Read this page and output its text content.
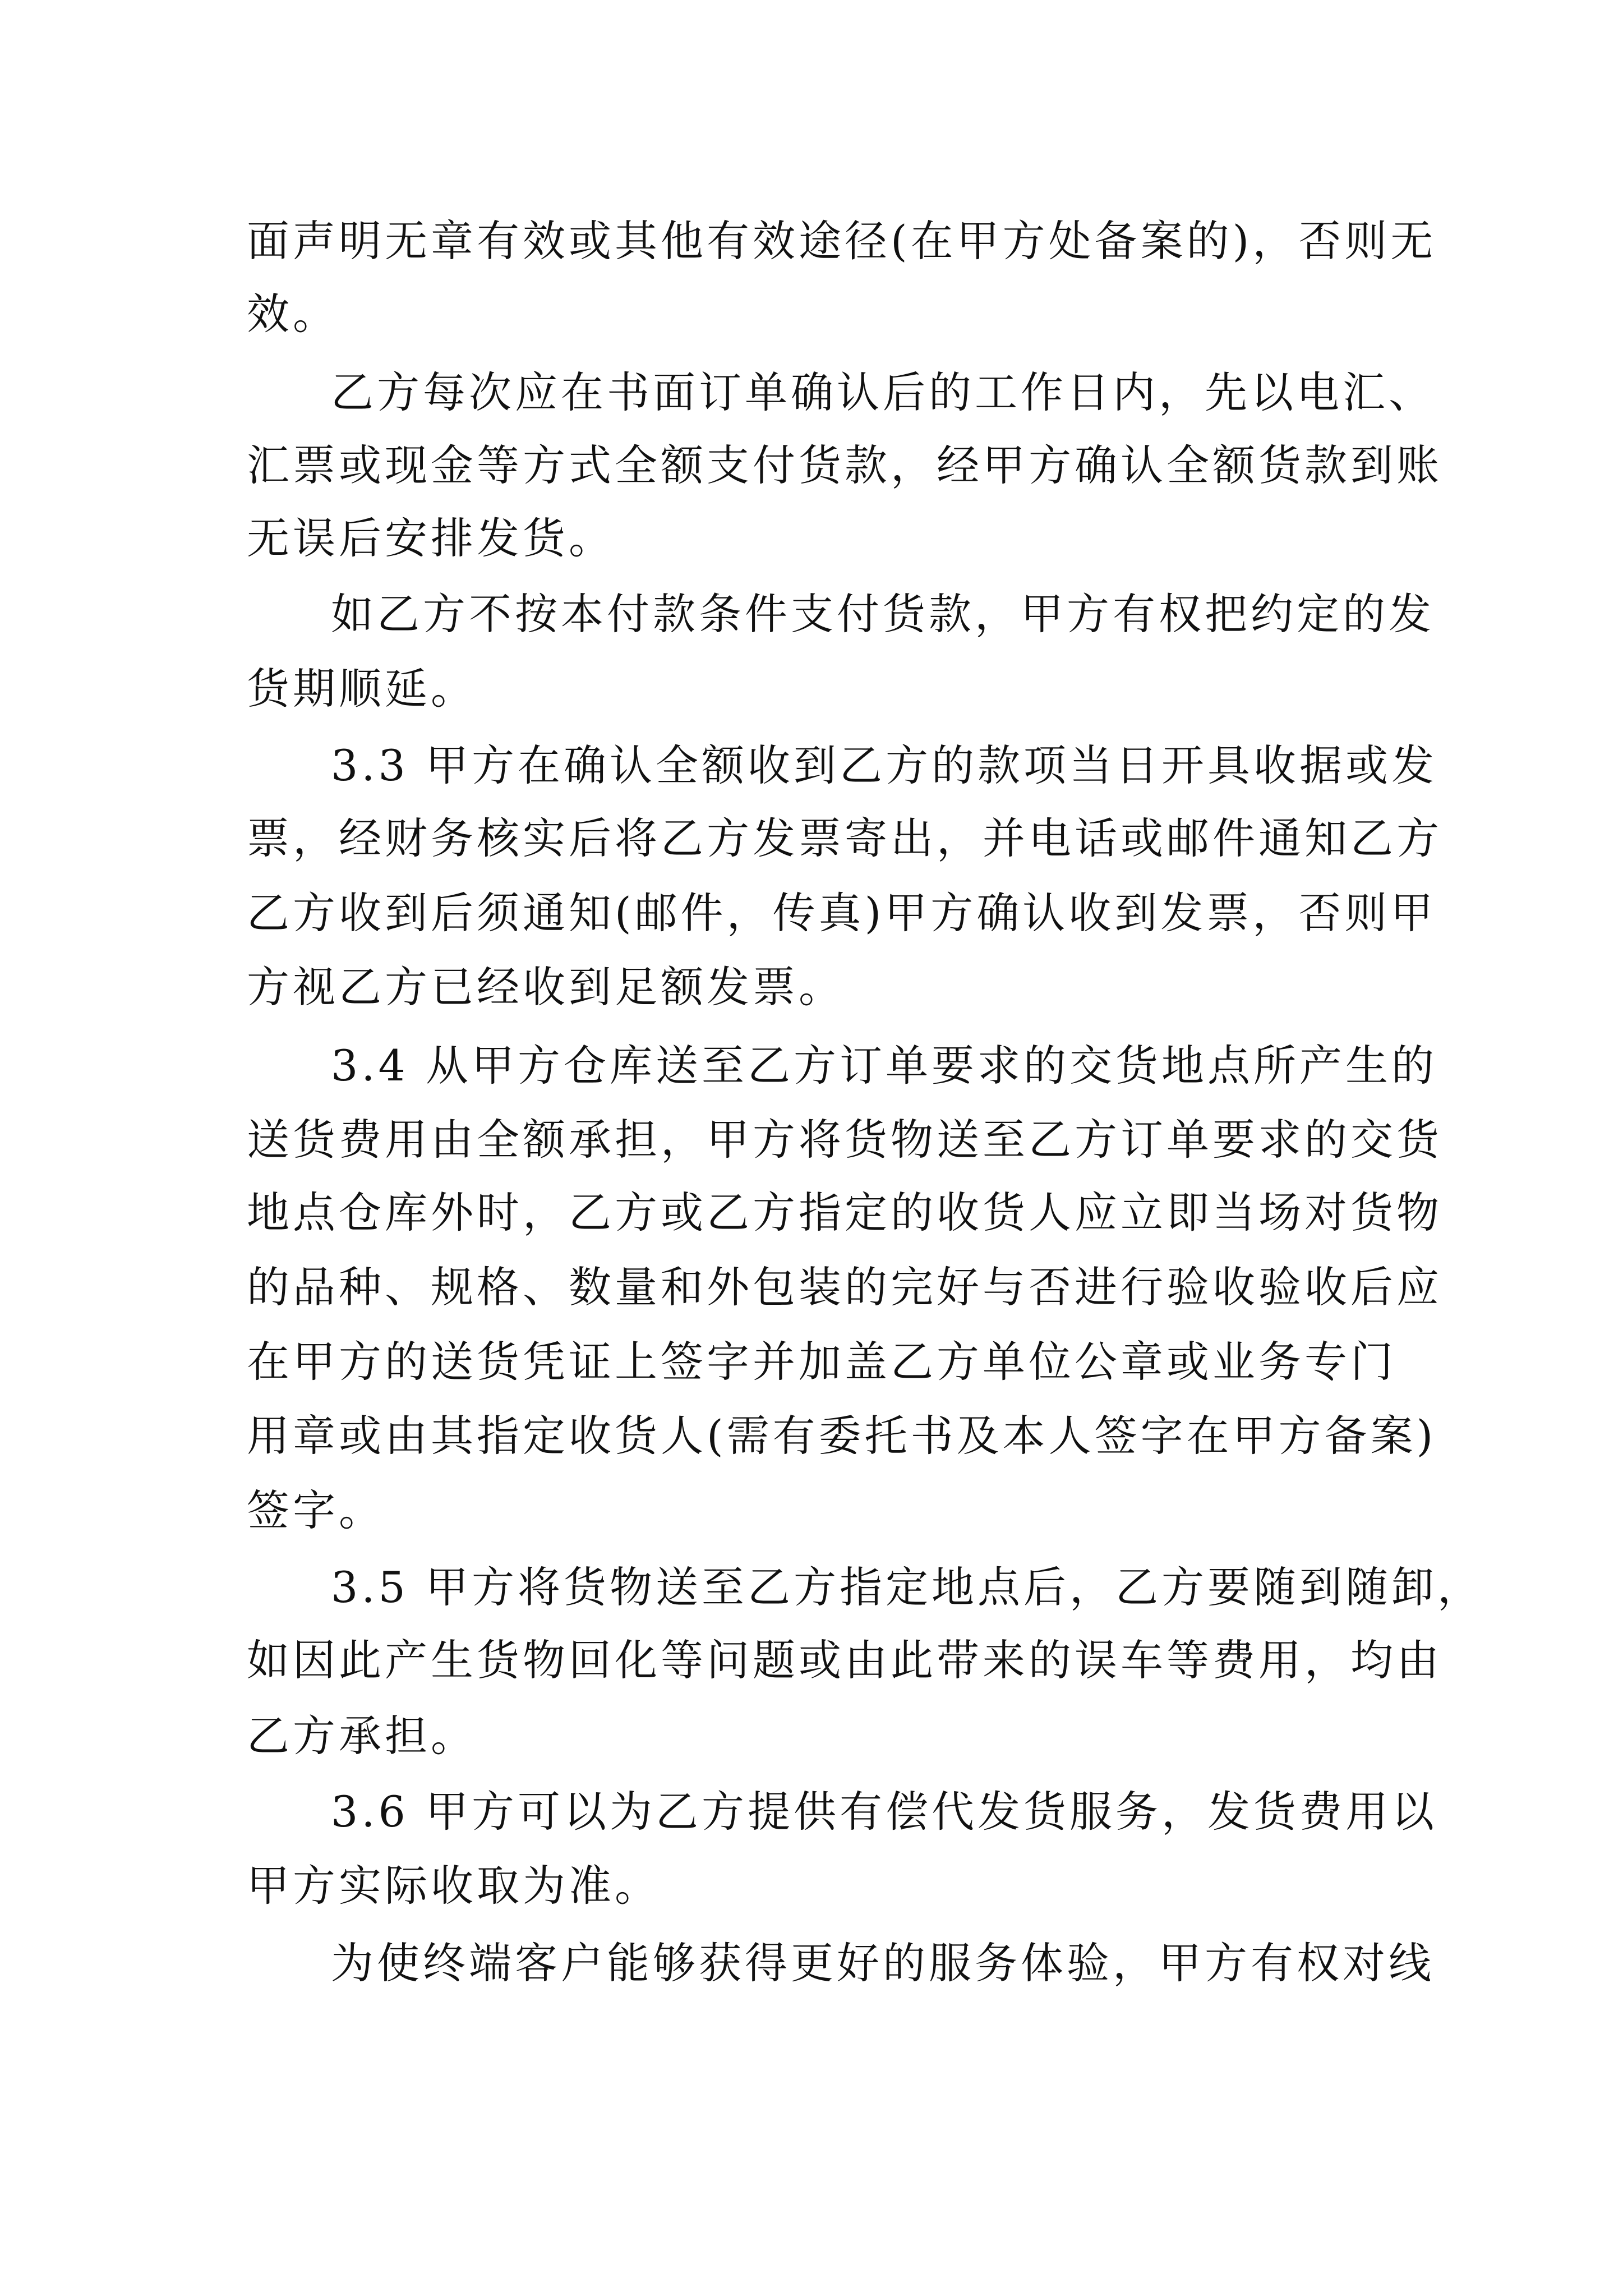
面声明无章有效或其他有效途径(在甲方处备案的)，否则无
效。
乙方每次应在书面订单确认后的工作日内，先以电汇、
汇票或现金等方式全额支付货款，经甲方确认全额货款到账
无误后安排发货。
如乙方不按本付款条件支付货款，甲方有权把约定的发
货期顺延。
3.3 甲方在确认全额收到乙方的款项当日开具收据或发
票，经财务核实后将乙方发票寄出，并电话或邮件通知乙方
乙方收到后须通知(邮件，传真)甲方确认收到发票，否则甲
方视乙方已经收到足额发票。
3.4 从甲方仓库送至乙方订单要求的交货地点所产生的
送货费用由全额承担，甲方将货物送至乙方订单要求的交货
地点仓库外时，乙方或乙方指定的收货人应立即当场对货物
的品种、规格、数量和外包装的完好与否进行验收验收后应
在甲方的送货凭证上签字并加盖乙方单位公章或业务专门
用章或由其指定收货人(需有委托书及本人签字在甲方备案)
签字。
3.5 甲方将货物送至乙方指定地点后，乙方要随到随卸，
如因此产生货物回化等问题或由此带来的误车等费用，均由
乙方承担。
3.6 甲方可以为乙方提供有偿代发货服务，发货费用以
甲方实际收取为准。
为使终端客户能够获得更好的服务体验，甲方有权对线
